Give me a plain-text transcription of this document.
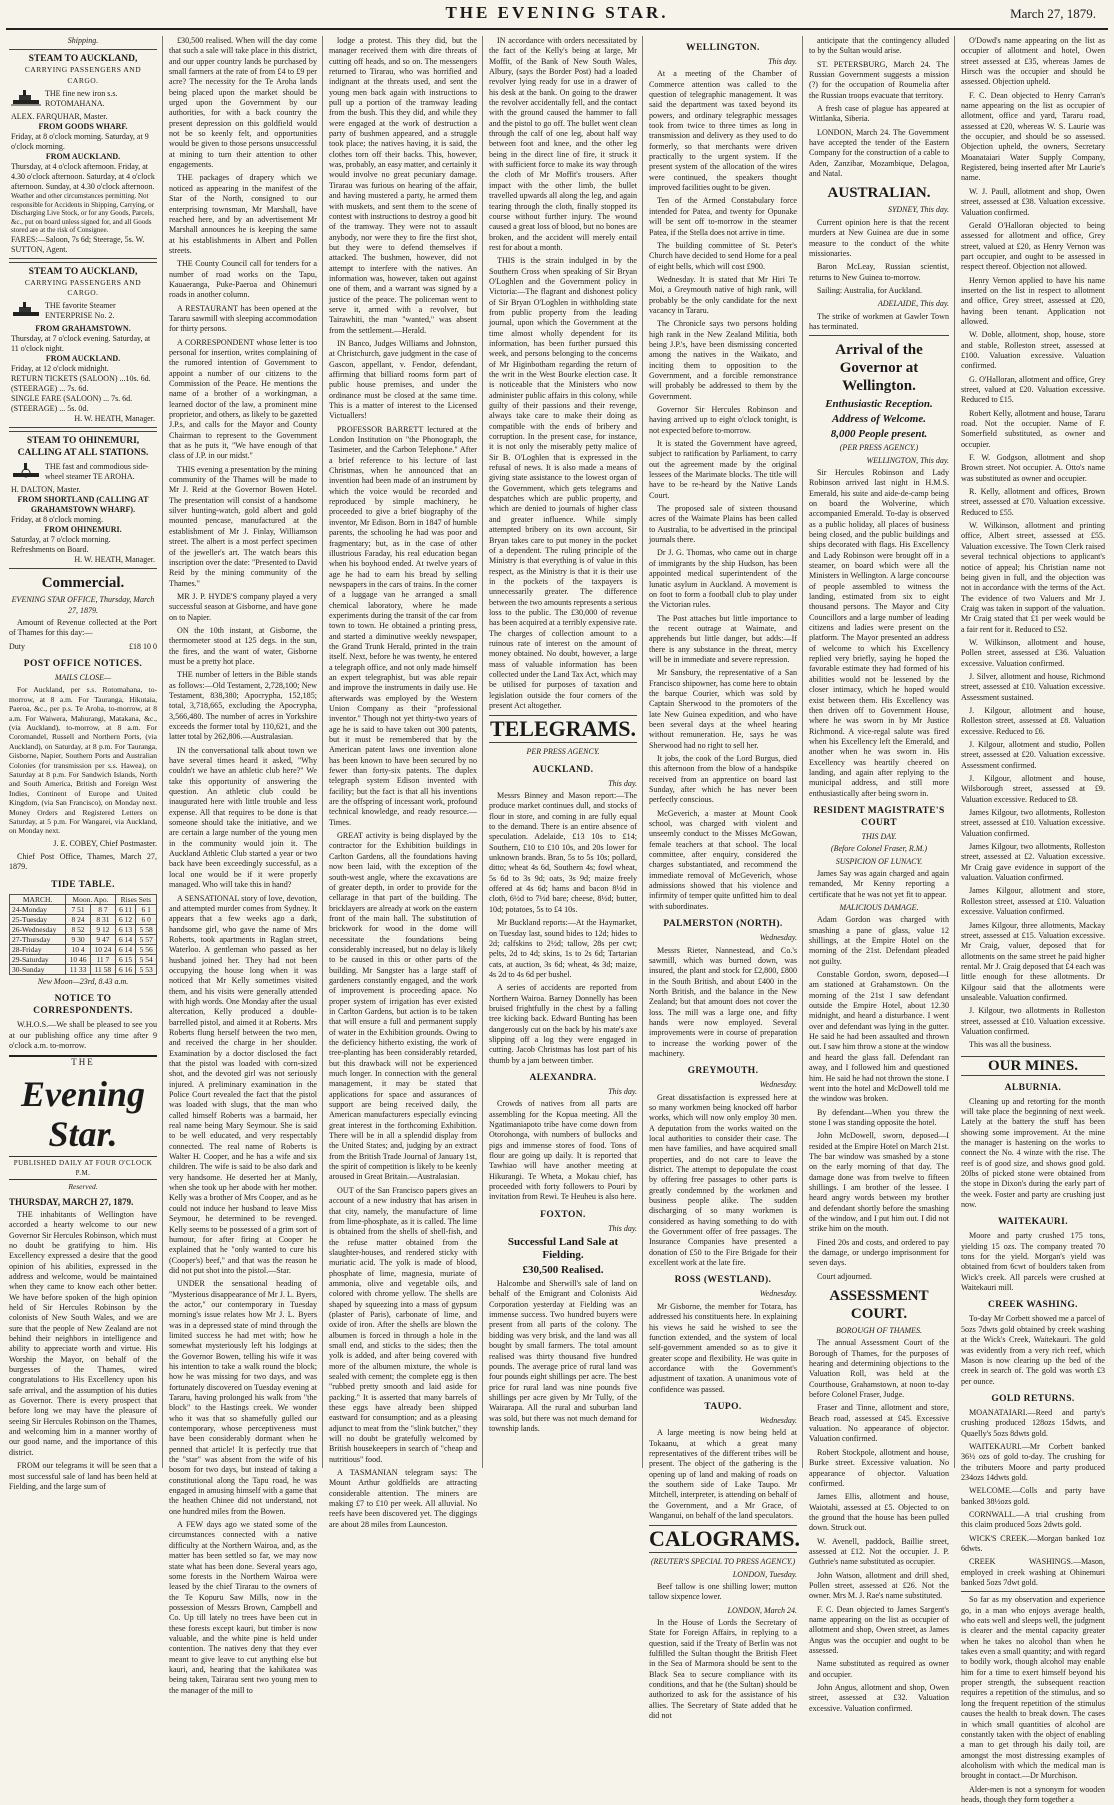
THE EVENING STAR.	March 27, 1879.
Shipping.
STEAM TO AUCKLAND,
CARRYING PASSENGERS AND CARGO.
THE fine new iron s.s. ROTOMAHANA.
ALEX. FARQUHAR, Master.
FROM GOODS WHARF.
Friday, at 8 o'clock morning. Saturday, at 9 o'clock morning.
FROM AUCKLAND.
Thursday, at 4 o'clock afternoon. Friday, at 4.30 o'clock afternoon. Saturday, at 4 o'clock afternoon. Sunday, at 4.30 o'clock afternoon.
Weather and other circumstances permitting. Not responsible for Accidents in Shipping, Carrying, or Discharging Live Stock, or for any Goods, Parcels, &c., put on board unless signed for, and all Goods stored are at the risk of Consignee.
FARES:—Saloon, 7s 6d; Steerage, 5s. W. SUTTON, Agent.
STEAM TO AUCKLAND,
CARRYING PASSENGERS AND CARGO.
THE favorite Steamer ENTERPRISE No. 2.
FROM GRAHAMSTOWN.
Thursday, at 7 o'clock evening. Saturday, at 11 o'clock night.
FROM AUCKLAND.
Friday, at 12 o'clock midnight.
RETURN TICKETS (SALOON) ...10s. 6d. (STEERAGE) ... 7s. 6d.
SINGLE FARE (SALOON) ... 7s. 6d. (STEERAGE) ... 5s. 0d.
H. W. HEATH, Manager.
STEAM TO OHINEMURI, CALLING AT ALL STATIONS.
THE fast and commodious side-wheel steamer TE AROHA.
H. DALTON, Master.
FROM SHORTLAND (CALLING AT GRAHAMSTOWN WHARF).
Friday, at 8 o'clock morning.
FROM OHINEMURI.
Saturday, at 7 o'clock morning.
Refreshments on Board.
H. W. HEATH, Manager.
Commercial.
EVENING STAR OFFICE, Thursday, March 27, 1879.
Amount of Revenue collected at the Port of Thames for this day:—
Duty	£18 10 0
POST OFFICE NOTICES.
MAILS CLOSE—
For Auckland, per s.s. Rotomahana, to-morrow, at 8 a.m. For Tauranga, Hikutaia, Paeroa, &c., per p.s. Te Aroha, to-morrow, at 8 a.m. For Waiwera, Mahurangi, Matakana, &c., (via Auckland), to-morrow, at 8 a.m. For Coromandel, Russell and Northern Ports, (via Auckland), on Saturday, at 8 p.m. For Tauranga, Gisborne, Napier, Southern Ports and Australian Colonies (for transmission per s.s. Hawea), on Saturday at 8 p.m. For Sandwich Islands, North and South America, British and Foreign West Indies, Continent of Europe and United Kingdom, (via San Francisco), on Monday next. Money Orders and Registered Letters on Saturday, at 5 p.m. For Wangarei, via Auckland, on Monday next.
J. E. COBEY, Chief Postmaster.
Chief Post Office, Thames, March 27, 1879.
TIDE TABLE.
MARCH.	Moon. Apo.		Rises Sets	
24-Monday	7 51	8 7	6 11	6 1
25-Tuesday	8 24	8 31	6 12	6 0
26-Wednesday	8 52	9 12	6 13	5 58
27-Thursday	9 30	9 47	6 14	5 57
28-Friday	10 4	10 24	6 14	5 56
29-Saturday	10 46	11 7	6 15	5 54
30-Sunday	11 33	11 58	6 16	5 53
New Moon—23rd, 8.43 a.m.
NOTICE TO CORRESPONDENTS.
W.H.O.S.—We shall be pleased to see you at our publishing office any time after 9 o'clock a.m. to-morrow.
THE
Evening Star.
PUBLISHED DAILY AT FOUR O'CLOCK P.M.
Reserved.
THURSDAY, MARCH 27, 1879.
THE inhabitants of Wellington have accorded a hearty welcome to our new Governor Sir Hercules Robinson, which must no doubt be gratifying to him. His Excellency expressed a desire that the good opinion of his abilities, expressed in the address and welcome, would be maintained when they came to know each other better. We have before spoken of the high opinion held of Sir Hercules Robinson by the colonists of New South Wales, and we are sure that the people of New Zealand are not behind their neighbors in intelligence and ability to appreciate worth and virtue. His Worship the Mayor, on behalf of the burgesses of the Thames, wired congratulations to His Excellency upon his safe arrival, and the assumption of his duties as Governor. There is every prospect that before long we may have the pleasure of seeing Sir Hercules Robinson on the Thames, and welcoming him in a manner worthy of our good name, and the importance of this district.
FROM our telegrams it will be seen that a most successful sale of land has been held at Fielding, and the large sum of
£30,500 realised. When will the day come that such a sale will take place in this district, and our upper country lands be purchased by small farmers at the rate of from £4 to £9 per acre? The necessity for the Te Aroha lands being placed upon the market should be urged upon the Government by our authorities, for with a back country the present depression on this goldfield would not be so keenly felt, and opportunities would be given to those persons unsuccessful at mining to turn their attention to other engagements.
THE packages of drapery which we noticed as appearing in the manifest of the Star of the North, consigned to our enterprising townsman, Mr Marshall, have reached here, and by an advertisement Mr Marshall announces he is keeping the same at his establishments in Albert and Pollen streets.
THE County Council call for tenders for a number of road works on the Tapu, Kauaeranga, Puke-Paeroa and Ohinemuri roads in another column.
A RESTAURANT has been opened at the Tararu sawmill with sleeping accommodation for thirty persons.
A CORRESPONDENT whose letter is too personal for insertion, writes complaining of the rumored intention of Government to appoint a number of our citizens to the Commission of the Peace. He mentions the name of a brother of a workingman, a learned doctor of the law, a prominent mine proprietor, and others, as likely to be gazetted J.P.s, and calls for the Mayor and County Chairman to represent to the Government that as he puts it, "We have enough of that class of J.P. in our midst."
THIS evening a presentation by the mining community of the Thames will be made to Mr J. Reid at the Governor Bowen Hotel. The presentation will consist of a handsome silver hunting-watch, gold albert and gold mounted pencase, manufactured at the establishment of Mr J. Finlay, Williamson street. The albert is a most perfect specimen of the jeweller's art. The watch bears this inscription over the date: "Presented to David Reid by the mining community of the Thames."
MR J. P. HYDE'S company played a very successful season at Gisborne, and have gone on to Napier.
ON the 10th instant, at Gisborne, the thermometer stood at 125 degs. in the sun, the fires, and the want of water, Gisborne must be a pretty hot place.
THE number of letters in the Bible stands as follows:—Old Testament, 2,728,100; New Testament, 838,380; Apocrypha, 152,185; total, 3,718,665, excluding the Apocrypha, 3,566,480. The number of acres in Yorkshire exceeds the former total by 110,621, and the latter total by 262,806.—Australasian.
IN the conversational talk about town we have several times heard it asked, "Why couldn't we have an athletic club here?" We take this opportunity of answering the question. An athletic club could be inaugurated here with little trouble and less expense. All that requires to be done is that someone should take the initiative, and we are certain a large number of the young men in the community would join it. The Auckland Athletic Club started a year or two back have been exceedingly successful, as a local one would be if it were properly managed. Who will take this in hand?
A SENSATIONAL story of love, devotion, and attempted murder comes from Sydney. It appears that a few weeks ago a dark, handsome girl, who gave the name of Mrs Roberts, took apartments in Raglan street, Waterloo. A gentleman who passed as her husband joined her. They had not been occupying the house long when it was noticed that Mr Kelly sometimes visited them, and his visits were generally attended with high words. One Monday after the usual altercation, Kelly produced a double-barrelled pistol, and aimed it at Roberts. Mrs Roberts flung herself between the two men, and received the charge in her shoulder. Examination by a doctor disclosed the fact that the pistol was loaded with corn-sized shot, and the devoted girl was not seriously injured. A preliminary examination in the Police Court revealed the fact that the pistol was loaded with slugs, that the man who called himself Roberts was a barmaid, her real name being Mary Seymour. She is said to be well educated, and very respectably connected. The real name of Roberts is Walter H. Cooper, and he has a wife and six children. The wife is said to be also dark and very handsome. He deserted her at Manly, when she took up her abode with her mother. Kelly was a brother of Mrs Cooper, and as he could not induce her husband to leave Miss Seymour, he determined to be revenged. Kelly seems to be possessed of a grim sort of humour, for after firing at Cooper he explained that he "only wanted to cure his (Cooper's) beef," and that was the reason he did not put shot into the pistol.—Star.
UNDER the sensational heading of "Mysterious disappearance of Mr J. L. Byers, the actor," our contemporary in Tuesday morning's issue relates how Mr J. L. Byers was in a depressed state of mind through the limited success he had met with; how he somewhat mysteriously left his lodgings at the Governor Bowen, telling his wife it was his intention to take a walk round the block; how he was missing for two days, and was fortunately discovered on Tuesday evening at Tararu, having prolonged his walk from "the block" to the Hastings creek. We wonder who it was that so shamefully gulled our contemporary, whose perceptiveness must have been considerably dormant when he penned that article! It is perfectly true that the "star" was absent from the wife of his bosom for two days, but instead of taking a constitutional along the Tapu road, he was engaged in amusing himself with a game that the heathen Chinee did not understand, not one hundred miles from the Bowen.
A FEW days ago we stated some of the circumstances connected with a native difficulty at the Northern Wairoa, and, as the matter has been settled so far, we may now state what has been done. Several years ago, some forests in the Northern Wairoa were leased by the chief Tirarau to the owners of the Te Kopuru Saw Mills, now in the possession of Messrs Brown, Campbell and Co. Up till lately no trees have been cut in these forests except kauri, but timber is now valuable, and the white pine is held under contention. The natives deny that they ever meant to give leave to cut anything else but kauri, and, hearing that the kahikatea was being taken, Tairarau sent two young men to the manager of the mill to
lodge a protest. This they did, but the manager received them with dire threats of cutting off heads, and so on. The messengers returned to Tirarau, who was horrified and indignant at the threats used, and sent the young men back again with instructions to pull up a portion of the tramway leading from the bush. This they did, and while they were engaged at the work of destruction a party of bushmen appeared, and a struggle took place; the natives having, it is said, the clothes torn off their backs. This, however, was, probably, an easy matter, and certainly it would involve no great pecuniary damage. Tirarau was furious on hearing of the affair, and having mustered a party, he armed them with muskets, and sent them to the scene of contest with instructions to destroy a good bit of the tramway. They were not to assault anybody, nor were they to fire the first shot, but they were to defend themselves if attacked. The bushmen, however, did not attempt to interfere with the natives. An information was, however, taken out against one of them, and a warrant was signed by a justice of the peace. The policeman went to serve it, armed with a revolver, but Tairawhiti, the man "wanted," was absent from the settlement.—Herald.
IN Banco, Judges Williams and Johnston, at Christchurch, gave judgment in the case of Gascon, appellant, v. Fendor, defendant, affirming that billiard rooms form part of public house premises, and under the ordinance must be closed at the same time. This is a matter of interest to the Licensed Victuallers!
PROFESSOR BARRETT lectured at the London Institution on "the Phonograph, the Tasimeter, and the Carbon Telephone." After a brief reference to his lecture of last Christmas, when he announced that an invention had been made of an instrument by which the voice would be recorded and reproduced by simple machinery, he proceeded to give a brief biography of the inventor, Mr Edison. Born in 1847 of humble parents, the schooling he had was poor and fragmentary; but, as in the case of other illustrious Faraday, his real education began when his boyhood ended. At twelve years of age he had to earn his bread by selling newspapers in the cars of trains. In the corner of a luggage van he arranged a small chemical laboratory, where he made experiments during the transit of the car from town to town. He obtained a printing press, and started a diminutive weekly newspaper, the Grand Trunk Herald, printed in the train itself. Next, before he was twenty, he entered a telegraph office, and not only made himself an expert telegraphist, but was able repair and improve the instruments in daily use. He afterwards was employed by the Western Union Company as their "professional inventor." Though not yet thirty-two years of age he is said to have taken out 300 patents, but it must be remembered that by the American patent laws one invention alone has been known to have been secured by no fewer than forty-six patents. The duplex telegraph system Edison invented with facility; but the fact is that all his inventions are the offspring of incessant work, profound technical knowledge, and ready resource.—Times.
GREAT activity is being displayed by the contractor for the Exhibition buildings in Carlton Gardens, all the foundations having now been laid, with the exception of the south-west angle, where the excavations are of greater depth, in order to provide for the cellarage in that part of the building. The bricklayers are already at work on the eastern front of the main hall. The substitution of brickwork for wood in the dome will necessitate the foundations being considerably increased, but no delay is likely to be caused in this or other parts of the building. Mr Sangster has a large staff of gardeners constantly engaged, and the work of improvement is proceeding apace. No proper system of irrigation has ever existed in Carlton Gardens, but action is to be taken that will ensure a full and permanent supply of water in the Exhibition grounds. Owing to the deficiency hitherto existing, the work of tree-planting has been considerably retarded, but this drawback will not be experienced much longer. In connection with the general management, it may be stated that applications for space and assurances of support are being received daily, the American manufacturers especially evincing great interest in the forthcoming Exhibition. There will be in all a splendid display from the United States; and, judging by an extract from the British Trade Journal of January 1st, the spirit of competition is likely to be keenly aroused in Great Britain.—Australasian.
OUT of the San Francisco papers gives an account of a new industry that has arisen in that city, namely, the manufacture of lime from lime-phosphate, as it is called. The lime is obtained from the shells of shell-fish, and the refuse matter obtained from the slaughter-houses, and rendered sticky with muriatic acid. The yolk is made of blood, phosphate of lime, magnesia, muriate of ammonia, olive and vegetable oils, and colored with chrome yellow. The shells are shaped by squeezing into a mass of gypsum (plaster of Paris), carbonate of lime, and oxide of iron. After the shells are blown the albumen is forced in through a hole in the small end, and sticks to the sides; then the yolk is added, and after being covered with more of the albumen mixture, the whole is sealed with cement; the complete egg is then "rubbed pretty smooth and laid aside for packing." It is asserted that many barrels of these eggs have already been shipped eastward for consumption; and as a pleasing adjunct to meat from the "slink butcher," they will no doubt be gratefully welcomed by British housekeepers in search of "cheap and nutritious" food.
A TASMANIAN telegram says: The Mount Arthur goldfields are attracting considerable attention. The miners are making £7 to £10 per week. All alluvial. No reefs have been discovered yet. The diggings are about 28 miles from Launceston.
IN accordance with orders necessitated by the fact of the Kelly's being at large, Mr Moffit, of the Bank of New South Wales, Albury, (says the Border Post) had a loaded revolver lying ready for use in a drawer of his desk at the bank. On going to the drawer the revolver accidentally fell, and the contact with the ground caused the hammer to fall and the pistol to go off. The bullet went clean through the calf of one leg, about half way between foot and knee, and the other leg being in the direct line of fire, it struck it with sufficient force to make its way through the cloth of Mr Moffit's trousers. After impact with the other limb, the bullet travelled upwards all along the leg, and again tearing through the cloth, finally stopped its course without further injury. The wound caused a great loss of blood, but no bones are broken, and the accident will merely entail rest for about a month.
THIS is the strain indulged in by the Southern Cross when speaking of Sir Bryan O'Loghlen and the Government policy in Victoria:—The flagrant and dishonest policy of Sir Bryan O'Loghlen in withholding state from public property from the leading journal, upon which the Government at the time almost wholly dependent for its information, has been further pursued this week, and persons belonging to the concerns of Mr Higinbotham regarding the return of the writ in the West Bourke election case. It is noticeable that the Ministers who now administer public affairs in this colony, while guilty of their passions and their revenge, always take care to make their doing as compatible with the ends of bribery and corruption. In the present case, for instance, it is not only the miserably petty malice of Sir B. O'Loghlen that is expressed in the refusal of news. It is also made a means of giving state assistance to the lowest organ of the Government, which gets telegrams and despatches which are public property, and which are denied to journals of higher class and greater influence. While simply attempted bribery on its own account, Sir Bryan takes care to put money in the pocket of a dependent. The ruling principle of the Ministry is that everything is of value in this respect, as the Ministry is that it is their use in the pockets of the taxpayers is unnecessarily greater. The difference between the two amounts represents a serious loss to the public. The £30,000 of revenue has been acquired at a terribly expensive rate. The charges of collection amount to a ruinous rate of interest on the amount of money obtained. No doubt, however, a large mass of valuable information has been collected under the Land Tax Act, which may be utilised for purposes of taxation and legislation outside the four corners of the present Act altogether.
TELEGRAMS.
PER PRESS AGENCY.
AUCKLAND.
This day.
Messrs Binney and Mason report:—The produce market continues dull, and stocks of flour in store, and coming in are fully equal to the demand. There is an entire absence of speculation. Adelaide, £13 10s to £14; Southern, £10 to £10 10s, and 20s lower for unknown brands. Bran, 5s to 5s 10s; pollard, ditto; wheat 4s 6d, Southern 4s; fowl wheat, 5s 6d to 3s 9d; oats, 3s 9d; maize freely offered at 4s 6d; hams and bacon 8½d in cloth, 6½d to 7½d bare; cheese, 8½d; butter, 10d; potatoes, 5s to £4 10s.
Mr Buckland reports:—At the Haymarket, on Tuesday last, sound bides to 12d; hides to 2d; calfskins to 2½d; tallow, 28s per cwt; pelts, 2d to 4d; skins, 1s to 2s 6d; Tartarian cats, at auction, 3s 6d; wheat, 4s 3d; maize, 4s 2d to 4s 6d per bushel.
A series of accidents are reported from Northern Wairoa. Barney Donnelly has been bruised frightfully in the chest by a falling tree kicking back. Edward Bunting has been dangerously cut on the back by his mate's axe slipping off a log they were engaged in cutting. Jacob Christmas has lost part of his thumb by a jam between timber.
ALEXANDRA.
This day.
Crowds of natives from all parts are assembling for the Kopua meeting. All the Ngatimaniapoto tribe have come down from Otorohonga, with numbers of bullocks and pigs and immense stores of food. Tons of flour are going up daily. It is reported that Tawhiao will have another meeting at Hikurangi. Te Wheta, a Mokau chief, has proceeded with forty followers to Pouri by invitation from Rewi. Te Heuheu is also here.
FOXTON.
This day.
Successful Land Sale at Fielding.
£30,500 Realised.
Halcombe and Sherwill's sale of land on behalf of the Emigrant and Colonists Aid Corporation yesterday at Fielding was an immense success. Two hundred buyers were present from all parts of the colony. The bidding was very brisk, and the land was all bought by small farmers. The total amount realised was thirty thousand five hundred pounds. The average price of rural land was four pounds eight shillings per acre. The best price for rural land was nine pounds five shillings per acre given by Mr Tully, of the Wairarapa. All the rural and suburban land was sold, but there was not much demand for township lands.
WELLINGTON.
This day.
At a meeting of the Chamber of Commerce attention was called to the question of telegraphic management. It was said the department was taxed beyond its powers, and ordinary telegraphic messages took from twice to three times as long in transmission and delivery as they used to do formerly, so that merchants were driven practically to the urgent system. If the present system of the allocation of the wires were continued, the speakers thought improved facilities ought to be given.
Ten of the Armed Constabulary force intended for Patea, and twenty for Opunake will be sent off to-morrow in the steamer Patea, if the Stella does not arrive in time.
The building committee of St. Peter's Church have decided to send Home for a peal of eight bells, which will cost £900.
Wednesday. It is stated that Mr Hiri Te Moi, a Greymouth native of high rank, will probably be the only candidate for the next vacancy in Tararu.
The Chronicle says two persons holding high rank in the New Zealand Militia, both being J.P.'s, have been dismissing concerted among the natives in the Waikato, and inciting them to opposition to the Government, and a forcible remonstrance will probably be addressed to them by the Government.
Governor Sir Hercules Robinson and having arrived up to eight o'clock tonight, is not expected before to-morrow.
It is stated the Government have agreed, subject to ratification by Parliament, to carry out the agreement made by the original lessees of the Marimate blocks. The title will have to be re-heard by the Native Lands Court.
The proposed sale of sixteen thousand acres of the Waimate Plains has been called to Australia, to be advertised in the principal journals there.
Dr J. G. Thomas, who came out in charge of immigrants by the ship Hudson, has been appointed medical superintendent of the lunatic asylum in Auckland. A movement is on foot to form a football club to play under the Victorian rules.
The Post attaches but little importance to the recent outrage at Waimate, and apprehends but little danger, but adds:—If there is any substance in the threat, mercy will be in immediate and severe repression.
Mr Sansbury, the representative of a San Francisco shipowner, has come here to obtain the barque Courier, which was sold by Captain Sherwood to the promoters of the late New Guinea expedition, and who have been several days at the wheel hearing without remuneration. He, says he was Sherwood had no right to sell her.
It jobs, the cook of the Lord Burgus, died this afternoon from the blow of a handspike received from an apprentice on board last Sunday, after which he has never been perfectly conscious.
McGeverich, a master at Mount Cook school, was charged with violent and unseemly conduct to the Misses McGowan, female teachers at that school. The local committee, after enquiry, considered the charges substantiated, and recommend the immediate removal of McGeverich, whose admissions showed that his violence and infirmity of temper quite unfitted him to deal with subordinates.
PALMERSTON (NORTH).
Wednesday.
Messrs Rieter, Nannestead, and Co.'s sawmill, which was burned down, was insured, the plant and stock for £2,800, £800 in the South British, and about £400 in the North British, and the balance in the New Zealand; but that amount does not cover the loss. The mill was a large one, and fifty hands were now employed. Several improvements were in course of preparation to increase the working power of the machinery.
GREYMOUTH.
Wednesday.
Great dissatisfaction is expressed here at so many workmen being knocked off harbor works, which will now only employ 30 men. A deputation from the works waited on the local authorities to consider their case. The men have families, and have acquired small properties, and do not care to leave the district. The attempt to depopulate the coast by offering free passages to other parts is greatly condemned by the workmen and business people alike. The sudden discharging of so many workmen is considered as having something to do with the Government offer of free passages. The Insurance Companies have presented a donation of £50 to the Fire Brigade for their excellent work at the late fire.
ROSS (WESTLAND).
Wednesday.
Mr Gisborne, the member for Totara, has addressed his constituents here. In explaining his views he said he wished to see the function extended, and the system of local self-government amended so as to give it greater scope and flexibility. He was quite in accordance with the Government's adjustment of taxation. A unanimous vote of confidence was passed.
TAUPO.
Wednesday.
A large meeting is now being held at Tokaanu, at which a great many representatives of the different tribes will be present. The object of the gathering is the opening up of land and making of roads on the southern side of Lake Taupo. Mr Mitchell, interpreter, is attending on behalf of the Government, and a Mr Grace, of Wanganui, on behalf of the land speculators.
CALOGRAMS.
(REUTER'S SPECIAL TO PRESS AGENCY.)
LONDON, Tuesday.
Beef tallow is one shilling lower; mutton tallow sixpence lower.
LONDON, March 24.
In the House of Lords the Secretary of State for Foreign Affairs, in replying to a question, said if the Treaty of Berlin was not fulfilled the Sultan thought the British Fleet in the Sea of Marmora should be sent to the Black Sea to secure compliance with its conditions, and that he (the Sultan) should be authorized to ask for the assistance of his allies. The Secretary of State added that he did not
anticipate that the contingency alluded to by the Sultan would arise.
ST. PETERSBURG, March 24. The Russian Government suggests a mission (?) for the occupation of Roumelia after the Russian troops evacuate that territory.
A fresh case of plague has appeared at Wittlanka, Siberia.
LONDON, March 24. The Government have accepted the tender of the Eastern Company for the construction of a cable to Aden, Zanzibar, Mozambique, Delagoa, and Natal.
AUSTRALIAN.
SYDNEY, This day.
Current opinion here is that the recent murders at New Guinea are due in some measure to the conduct of the white missionaries.
Baron McLeay, Russian scientist, returns to New Guinea to-morrow.
Sailing: Australia, for Auckland.
ADELAIDE, This day.
The strike of workmen at Gawler Town has terminated.
Arrival of the Governor at Wellington.
Enthusiastic Reception.
Address of Welcome.
8,000 People present.
(PER PRESS AGENCY.)
WELLINGTON, This day.
Sir Hercules Robinson and Lady Robinson arrived last night in H.M.S. Emerald, his suite and aide-de-camp being on board the Wolverine, which accompanied Emerald. To-day is observed as a public holiday, all places of business being closed, and the public buildings and ships decorated with flags. His Excellency and Lady Robinson were brought off in a steamer, on board which were all the Ministers in Wellington. A large concourse of people assembled to witness the landing, estimated from six to eight thousand persons. The Mayor and City Councillors and a large number of leading citizens and ladies were present on the platform. The Mayor presented an address of welcome to which his Excellency replied very briefly, saying he hoped the favorable estimate they had formed of his abilities would not be lessened by the closer intimacy, which he hoped would exist between them. His Excellency was then driven off to Government House, where he was sworn in by Mr Justice Richmond. A vice-regal salute was fired when his Excellency left the Emerald, and another when he was sworn in. His Excellency was heartily cheered on landing, and again after replying to the municipal address, and still more enthusiastically after being sworn in.
RESIDENT MAGISTRATE'S COURT
THIS DAY.
(Before Colonel Fraser, R.M.)
SUSPICION OF LUNACY.
James Say was again charged and again remanded, Mr Kenny reporting a certificate that he was not yet fit to appear.
MALICIOUS DAMAGE.
Adam Gordon was charged with smashing a pane of glass, value 12 shillings, at the Empire Hotel on the morning of the 21st. Defendant pleaded not guilty.
Constable Gordon, sworn, deposed—I am stationed at Grahamstown. On the morning of the 21st I saw defendant outside the Empire Hotel, about 12.30 midnight, and heard a disturbance. I went over and defendant was lying in the gutter. He said he had been assaulted and thrown out. I saw him throw a stone at the window and heard the glass fall. Defendant ran away, and I followed him and questioned him. He said he had not thrown the stone. I went into the hotel and McDowell told me the window was broken.
By defendant—When you threw the stone I was standing opposite the hotel.
John McDowell, sworn, deposed—I resided at the Empire Hotel on March 21st. The bar window was smashed by a stone on the early morning of that day. The damage done was from twelve to fifteen shillings. I am brother of the lessee. I heard angry words between my brother and defendant shortly before the smashing of the window, and I put him out. I did not strike him on the mouth.
Fined 20s and costs, and ordered to pay the damage, or undergo imprisonment for seven days.
Court adjourned.
ASSESSMENT COURT.
BOROUGH OF THAMES.
The annual Assessment Court of the Borough of Thames, for the purposes of hearing and determining objections to the Valuation Roll, was held at the Courthouse, Grahamstown, at noon to-day before Colonel Fraser, Judge.
Fraser and Tinne, allotment and store, Beach road, assessed at £45. Excessive valuation. No appearance of objector. Valuation confirmed.
Robert Stockpole, allotment and house, Burke street. Excessive valuation. No appearance of objector. Valuation confirmed.
James Ellis, allotment and house, Waiotahi, assessed at £5. Objected to on the ground that the house has been pulled down. Struck out.
W. Avenell, paddock, Baillie street, assessed at £12. Not the occupier. J. P. Guthrie's name substituted as occupier.
John Watson, allotment and drill shed, Pollen street, assessed at £26. Not the owner. Mrs M. J. Rae's name substituted.
F. C. Dean objected to James Sargent's name appearing on the list as occupier of allotment and shop, Owen street, as James Angus was the occupier and ought to be assessed.
Name substituted as required as owner and occupier.
John Angus, allotment and shop, Owen street, assessed at £32. Valuation excessive. Valuation confirmed.
O'Dowd's name appearing on the list as occupier of allotment and hotel, Owen street assessed at £35, whereas James de Hirsch was the occupier and should be assessed. Objection upheld.
F. C. Dean objected to Henry Carran's name appearing on the list as occupier of allotment, office and yard, Tararu road, assessed at £20, whereas W. S. Laurie was the occupier, and should be so assessed. Objection upheld, the owners, Secretary Moanataiari Water Supply Company, Registered, being inserted after Mr Laurie's name.
W. J. Paull, allotment and shop, Owen street, assessed at £38. Valuation excessive. Valuation confirmed.
Gerald O'Halloran objected to being assessed for allotment and office, Grey street, valued at £20, as Henry Vernon was part occupier, and ought to be assessed in respect thereof. Objection not allowed.
Henry Vernon applied to have his name inserted on the list in respect to allotment and office, Grey street, assessed at £20, having been tenant. Application not allowed.
W. Doble, allotment, shop, house, store and stable, Rolleston street, assessed at £100. Valuation excessive. Valuation confirmed.
G. O'Halloran, allotment and office, Grey street, valued at £20. Valuation excessive. Reduced to £15.
Robert Kelly, allotment and house, Tararu road. Not the occupier. Name of F. Somerfield substituted, as owner and occupier.
F. W. Godgson, allotment and shop Brown street. Not occupier. A. Otto's name was substituted as owner and occupier.
R. Kelly, allotment and offices, Brown street, assessed at £70. Valuation excessive. Reduced to £55.
W. Wilkinson, allotment and printing office, Albert street, assessed at £55. Valuation excessive. The Town Clerk raised several technical objections to applicant's notice of appeal; his Christian name not being given in full, and the objection was not in accordance with the terms of the Act. The evidence of two Valuers and Mr J. Craig was taken in support of the valuation. Mr Craig stated that £1 per week would be a fair rent for it. Reduced to £52.
W. Wilkinson, allotment and house, Pollen street, assessed at £36. Valuation excessive. Valuation confirmed.
J. Silver, allotment and house, Richmond street, assessed at £10. Valuation excessive. Assessment sustained.
J. Kilgour, allotment and house, Rolleston street, assessed at £8. Valuation excessive. Reduced to £6.
J. Kilgour, allotment and studio, Pollen street, assessed at £20. Valuation excessive. Assessment confirmed.
J. Kilgour, allotment and house, Wilsborough street, assessed at £9. Valuation excessive. Reduced to £8.
James Kilgour, two allotments, Rolleston street, assessed at £10. Valuation excessive. Valuation confirmed.
James Kilgour, two allotments, Rolleston street, assessed at £2. Valuation excessive. Mr Craig gave evidence in support of the valuation. Valuation confirmed.
James Kilgour, allotment and store, Rolleston street, assessed at £10. Valuation excessive. Valuation confirmed.
James Kilgour, three allotments, Mackay street, assessed at £15. Valuation excessive. Mr Craig, valuer, deposed that for allotments on the same street he paid higher rental. Mr J. Craig deposed that £4 each was little enough for these allotments. Dr Kilgour said that the allotments were unsaleable. Valuation confirmed.
J. Kilgour, two allotments in Rolleston street, assessed at £10. Valuation excessive. Valuation confirmed.
This was all the business.
OUR MINES.
ALBURNIA.
Cleaning up and retorting for the month will take place the beginning of next week. Lately at the battery the stuff has been showing some improvement. At the mine the manager is hastening on the works to connect the No. 4 winze with the rise. The reef is of good size, and shows good gold. 20lbs of picked stone were obtained from the stope in Dixon's during the early part of the week. Foster and party are crushing just now.
WAITEKAURI.
Moore and party crushed 175 tons, yielding 15 ozs. The company treated 70 tons for the yield. Morgan's yield was obtained from 6cwt of boulders taken from Wick's creek. All parcels were crushed at Waitekauri mill.
CREEK WASHING.
To-day Mr Corbett showed me a parcel of 5ozs 7dwts gold obtained by creek washing at the Wick's Creek, Waitekauri. The gold was evidently from a very rich reef, which Mason is now clearing up the bed of the creek in search of. The gold was worth £3 per ounce.
GOLD RETURNS.
MOANATAIARI.—Reed and party's crushing produced 128ozs 15dwts, and Quaelly's 5ozs 8dwts gold.
WAITEKAURI.—Mr Corbett banked 36½ ozs of gold to-day. The crushing for the tributers Moore and party produced 234ozs 14dwts gold.
WELCOME.—Colls and party have banked 38½ozs gold.
CORNWALL.—A trial crushing from this claim produced 5ozs 2dwts gold.
WICK'S CREEK.—Morgan banked 1oz 6dwts.
CREEK WASHINGS.—Mason, employed in creek washing at Ohinemuri banked 5ozs 7dwt gold.
So far as my observation and experience go, in a man who enjoys average health, who eats well and sleeps well, the judgment is clearer and the mental capacity greater when he takes no alcohol than when he takes even a small quantity; and with regard to bodily work, though alcohol may enable him for a time to exert himself beyond his proper strength, the subsequent reaction requires a repetition of the stimulus, and so long the frequent repetition of the stimulus causes the health to break down. The cases in which small quantities of alcohol are constantly taken with the object of enabling a man to get through his daily toil, are amongst the most distressing examples of alcoholism with which the medical man is brought in contact.—Dr Murchison.
Alder-men is not a synonym for wooden heads, though they form together a
